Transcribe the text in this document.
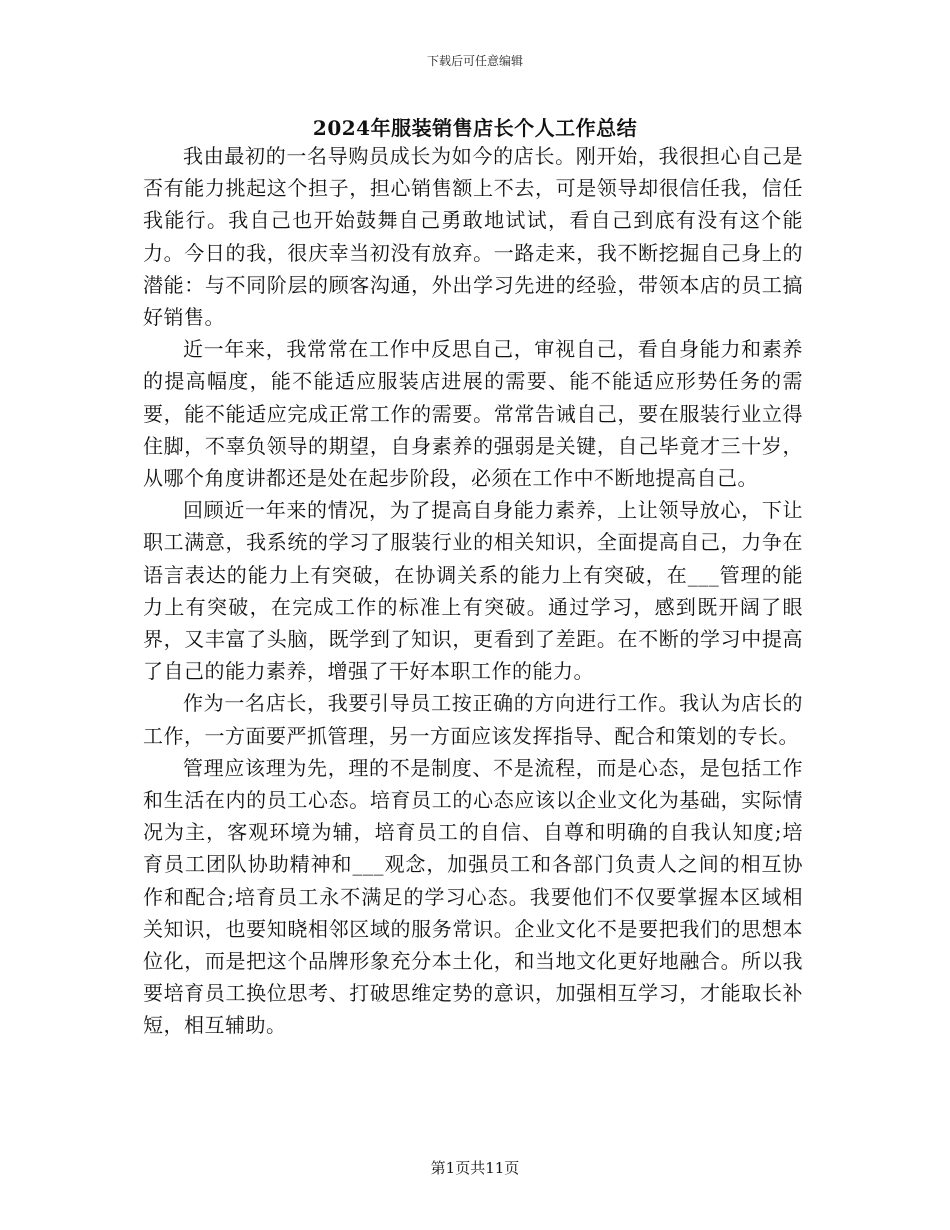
下载后可任意编辑
2024年服装销售店长个人工作总结

我由最初的一名导购员成长为如今的店长。刚开始，我很担心自己是否有能力挑起这个担子，担心销售额上不去，可是领导却很信任我，信任我能行。我自己也开始鼓舞自己勇敢地试试，看自己到底有没有这个能力。今日的我，很庆幸当初没有放弃。一路走来，我不断挖掘自己身上的潜能：与不同阶层的顾客沟通，外出学习先进的经验，带领本店的员工搞好销售。

近一年来，我常常在工作中反思自己，审视自己，看自身能力和素养的提高幅度，能不能适应服装店进展的需要、能不能适应形势任务的需要，能不能适应完成正常工作的需要。常常告诫自己，要在服装行业立得住脚，不辜负领导的期望，自身素养的强弱是关键，自己毕竟才三十岁，从哪个角度讲都还是处在起步阶段，必须在工作中不断地提高自己。

回顾近一年来的情况，为了提高自身能力素养，上让领导放心，下让职工满意，我系统的学习了服装行业的相关知识，全面提高自己，力争在语言表达的能力上有突破，在协调关系的能力上有突破，在___管理的能力上有突破，在完成工作的标准上有突破。通过学习，感到既开阔了眼界，又丰富了头脑，既学到了知识，更看到了差距。在不断的学习中提高了自己的能力素养，增强了干好本职工作的能力。

作为一名店长，我要引导员工按正确的方向进行工作。我认为店长的工作，一方面要严抓管理，另一方面应该发挥指导、配合和策划的专长。

管理应该理为先，理的不是制度、不是流程，而是心态，是包括工作和生活在内的员工心态。培育员工的心态应该以企业文化为基础，实际情况为主，客观环境为辅，培育员工的自信、自尊和明确的自我认知度;培育员工团队协助精神和___观念，加强员工和各部门负责人之间的相互协作和配合;培育员工永不满足的学习心态。我要他们不仅要掌握本区域相关知识，也要知晓相邻区域的服务常识。企业文化不是要把我们的思想本位化，而是把这个品牌形象充分本土化，和当地文化更好地融合。所以我要培育员工换位思考、打破思维定势的意识，加强相互学习，才能取长补短，相互辅助。

第1页共11页
